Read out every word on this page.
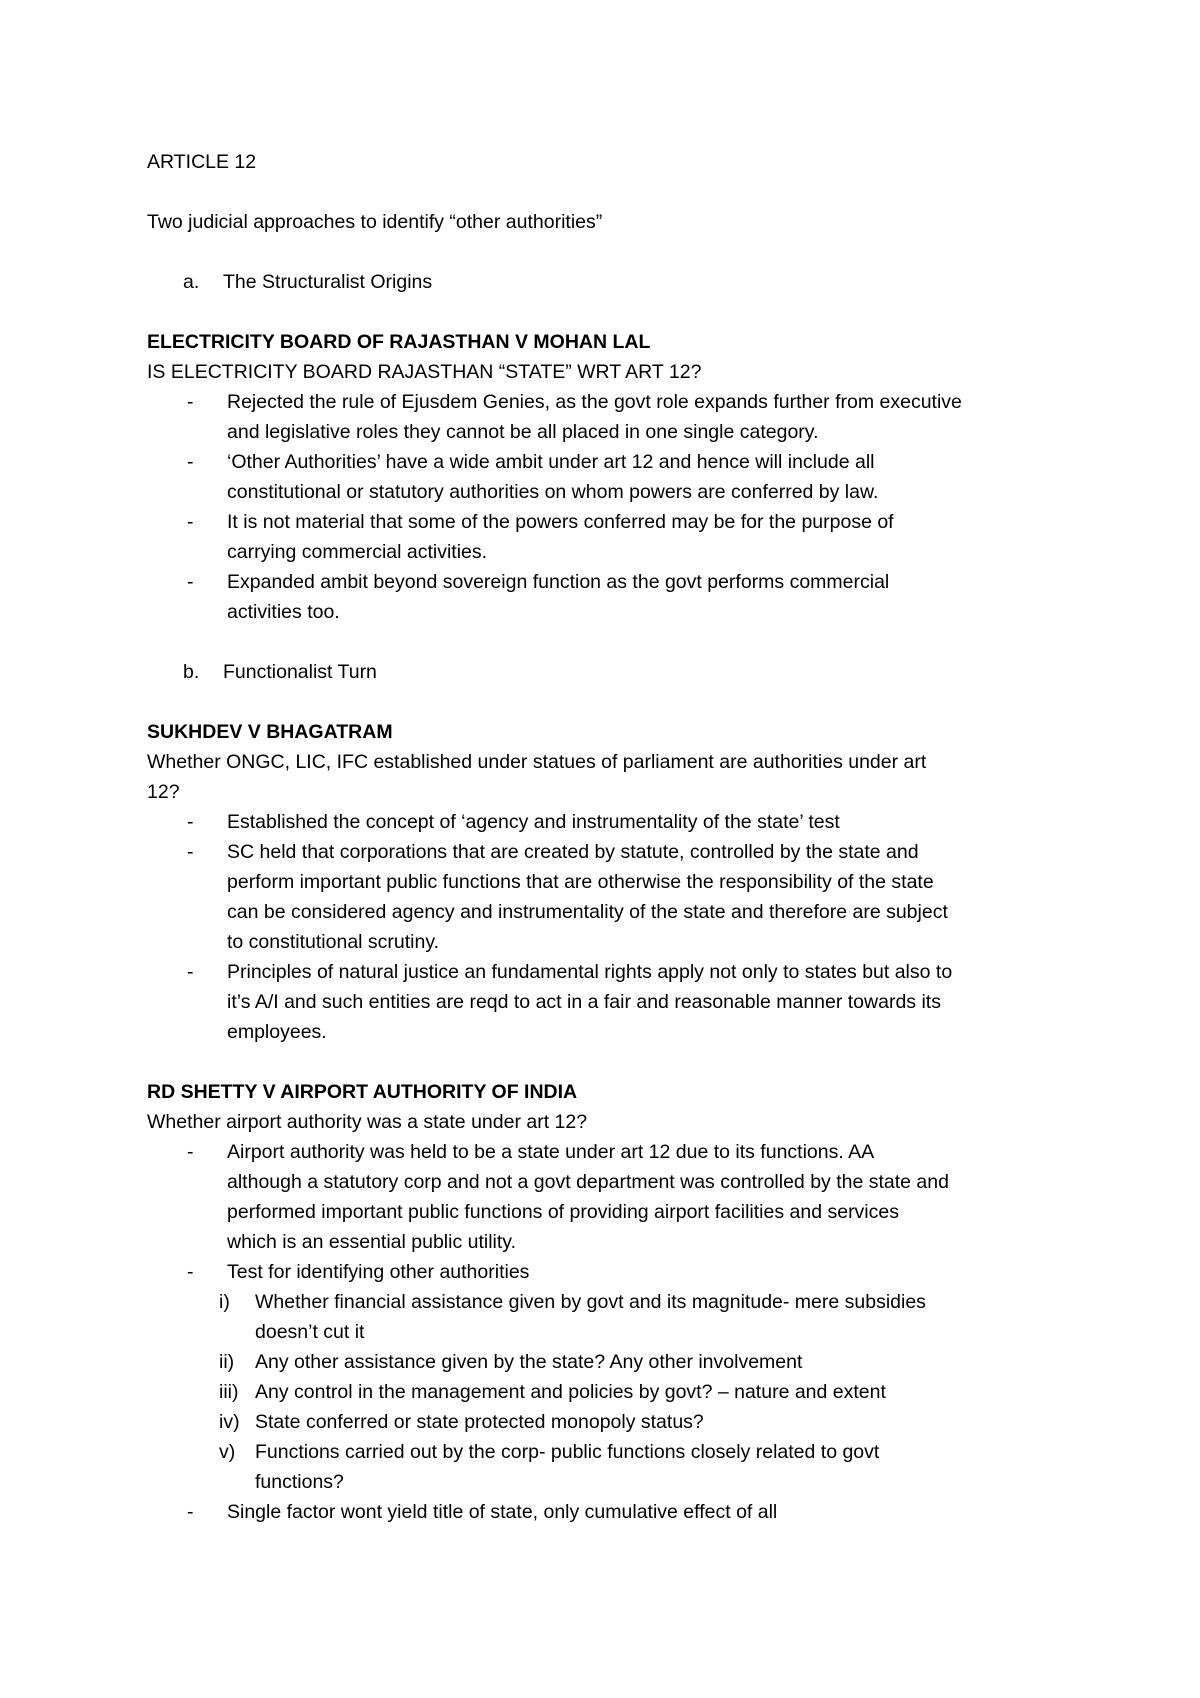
ARTICLE 12
Two judicial approaches to identify “other authorities”
a.	The Structuralist Origins
ELECTRICITY BOARD OF RAJASTHAN V MOHAN LAL
IS ELECTRICITY BOARD RAJASTHAN “STATE” WRT ART 12?
-	Rejected the rule of Ejusdem Genies, as the govt role expands further from executive
and legislative roles they cannot be all placed in one single category.
-	‘Other Authorities’ have a wide ambit under art 12 and hence will include all
constitutional or statutory authorities on whom powers are conferred by law.
-	It is not material that some of the powers conferred may be for the purpose of
carrying commercial activities.
-	Expanded ambit beyond sovereign function as the govt performs commercial
activities too.
b.	Functionalist Turn
SUKHDEV V BHAGATRAM
Whether ONGC, LIC, IFC established under statues of parliament are authorities under art
12?
-	Established the concept of ‘agency and instrumentality of the state’ test
-	SC held that corporations that are created by statute, controlled by the state and
perform important public functions that are otherwise the responsibility of the state
can be considered agency and instrumentality of the state and therefore are subject
to constitutional scrutiny.
-	Principles of natural justice an fundamental rights apply not only to states but also to
it’s A/I and such entities are reqd to act in a fair and reasonable manner towards its
employees.
RD SHETTY V AIRPORT AUTHORITY OF INDIA
Whether airport authority was a state under art 12?
-	Airport authority was held to be a state under art 12 due to its functions. AA
although a statutory corp and not a govt department was controlled by the state and
performed important public functions of providing airport facilities and services
which is an essential public utility.
-	Test for identifying other authorities
i)	Whether financial assistance given by govt and its magnitude- mere subsidies
doesn’t cut it
ii)	Any other assistance given by the state? Any other involvement
iii) Any control in the management and policies by govt? – nature and extent
iv) State conferred or state protected monopoly status?
v)	Functions carried out by the corp- public functions closely related to govt
functions?
-	Single factor wont yield title of state, only cumulative effect of all
